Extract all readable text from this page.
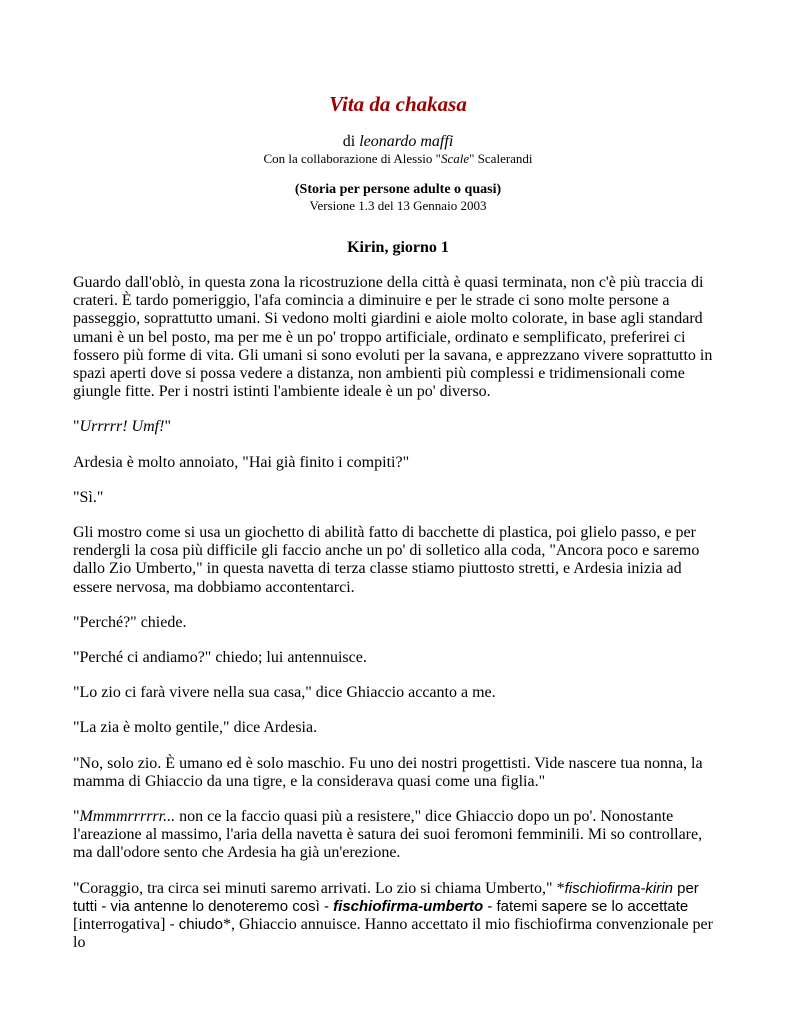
Vita da chakasa
di leonardo maffi
Con la collaborazione di Alessio "Scale" Scalerandi
(Storia per persone adulte o quasi)
Versione 1.3 del 13 Gennaio 2003
Kirin, giorno 1

Guardo dall'oblò, in questa zona la ricostruzione della città è quasi terminata, non c'è più traccia di crateri. È tardo pomeriggio, l'afa comincia a diminuire e per le strade ci sono molte persone a passeggio, soprattutto umani. Si vedono molti giardini e aiole molto colorate, in base agli standard umani è un bel posto, ma per me è un po' troppo artificiale, ordinato e semplificato, preferirei ci fossero più forme di vita. Gli umani si sono evoluti per la savana, e apprezzano vivere soprattutto in spazi aperti dove si possa vedere a distanza, non ambienti più complessi e tridimensionali come giungle fitte. Per i nostri istinti l'ambiente ideale è un po' diverso.

"Urrrrr! Umf!"

Ardesia è molto annoiato, "Hai già finito i compiti?"

"Sì."

Gli mostro come si usa un giochetto di abilità fatto di bacchette di plastica, poi glielo passo, e per rendergli la cosa più difficile gli faccio anche un po' di solletico alla coda, "Ancora poco e saremo dallo Zio Umberto," in questa navetta di terza classe stiamo piuttosto stretti, e Ardesia inizia ad essere nervosa, ma dobbiamo accontentarci.

"Perché?" chiede.

"Perché ci andiamo?" chiedo; lui antennuisce.

"Lo zio ci farà vivere nella sua casa," dice Ghiaccio accanto a me.

"La zia è molto gentile," dice Ardesia.

"No, solo zio. È umano ed è solo maschio. Fu uno dei nostri progettisti. Vide nascere tua nonna, la mamma di Ghiaccio da una tigre, e la considerava quasi come una figlia."

"Mmmmrrrrrr... non ce la faccio quasi più a resistere," dice Ghiaccio dopo un po'. Nonostante l'areazione al massimo, l'aria della navetta è satura dei suoi feromoni femminili. Mi so controllare, ma dall'odore sento che Ardesia ha già un'erezione.

"Coraggio, tra circa sei minuti saremo arrivati. Lo zio si chiama Umberto," *fischiofirma-kirin per tutti - via antenne lo denoteremo così - fischiofirma-umberto - fatemi sapere se lo accettate [interrogativa] - chiudo*, Ghiaccio annuisce. Hanno accettato il mio fischiofirma convenzionale per lo
